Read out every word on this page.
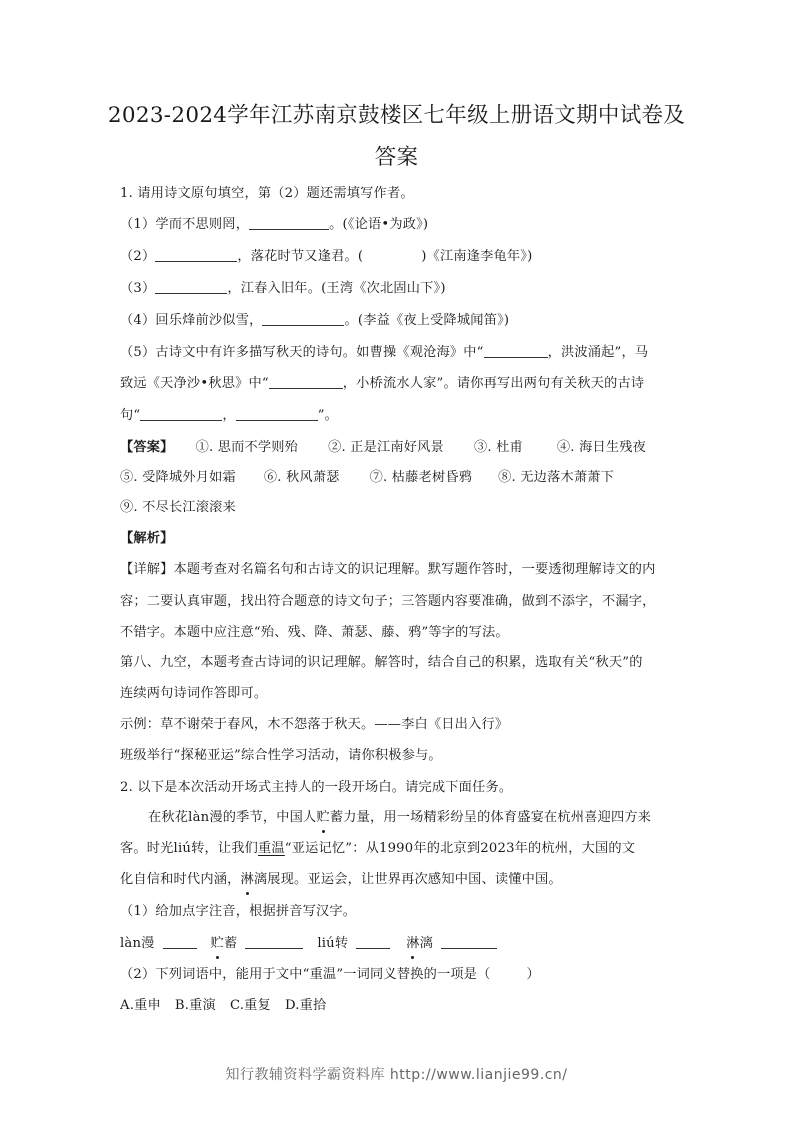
2023-2024学年江苏南京鼓楼区七年级上册语文期中试卷及
答案
1. 请用诗文原句填空，第（2）题还需填写作者。
（1）学而不思则罔，	。(《论语•为政》)
（2）	，落花时节又逢君。(	)《江南逢李龟年》)
（3）	，江春入旧年。(王湾《次北固山下》)
（4）回乐烽前沙似雪，	。(李益《夜上受降城闻笛》)
（5）古诗文中有许多描写秋天的诗句。如曹操《观沧海》中“	，洪波涌起”，马
致远《天净沙•秋思》中“	，小桥流水人家”。请你再写出两句有关秋天的古诗
句“	，	”。
【答案】 ①. 思而不学则殆 ②. 正是江南好风景 ③. 杜甫	④. 海日生残夜
⑤. 受降城外月如霜 ⑥. 秋风萧瑟 ⑦. 枯藤老树昏鸦 ⑧. 无边落木萧萧下
⑨. 不尽长江滚滚来
【解析】
【详解】本题考查对名篇名句和古诗文的识记理解。默写题作答时，一要透彻理解诗文的内
容；二要认真审题，找出符合题意的诗文句子；三答题内容要准确，做到不添字，不漏字，
不错字。本题中应注意“殆、残、降、萧瑟、藤、鸦”等字的写法。
第八、九空，本题考查古诗词的识记理解。解答时，结合自己的积累，选取有关“秋天”的
连续两句诗词作答即可。
示例：草不谢荣于春风，木不怨落于秋天。——李白《日出入行》
班级举行“探秘亚运”综合性学习活动，请你积极参与。
2. 以下是本次活动开场式主持人的一段开场白。请完成下面任务。
在秋花làn漫的季节，中国人贮蓄力量，用一场精彩纷呈的体育盛宴在杭州喜迎四方来
客。时光liú转，让我们重温“亚运记忆”：从1990年的北京到2023年的杭州，大国的文
化自信和时代内涵，淋漓展现。亚运会，让世界再次感知中国、读懂中国。
（1）给加点字注音，根据拼音写汉字。
làn漫	贮蓄	liú转	淋漓
（2）下列词语中，能用于文中“重温”一词同义替换的一项是（	）
A.重申 B.重演 C.重复 D.重拾
知行教辅资料学霸资料库 http://www.lianjie99.cn/
